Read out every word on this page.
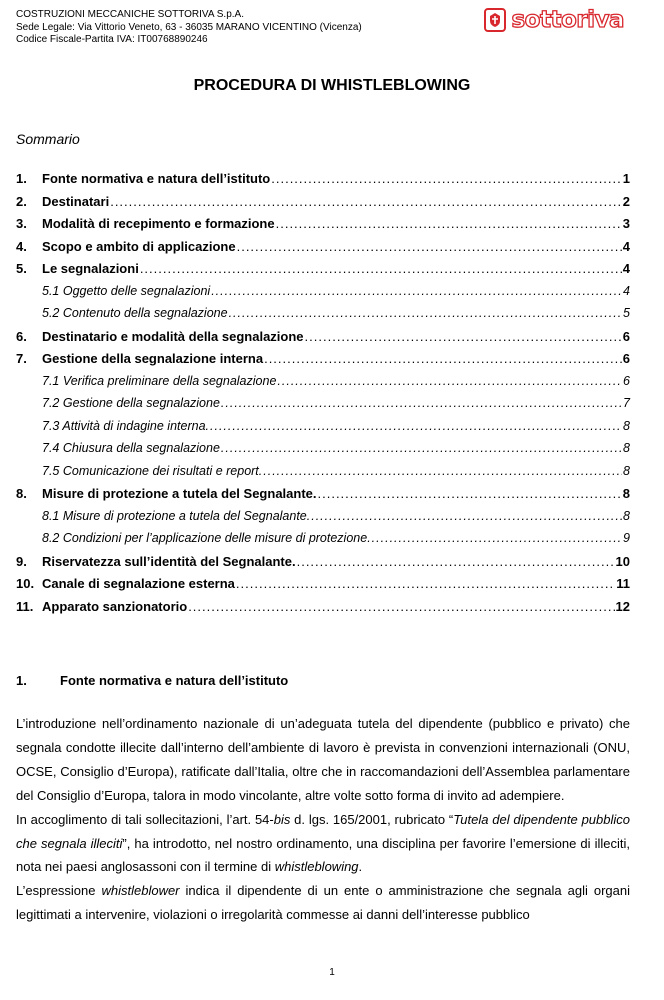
COSTRUZIONI MECCANICHE SOTTORIVA S.p.A.
Sede Legale: Via Vittorio Veneto, 63 - 36035 MARANO VICENTINO (Vicenza)
Codice Fiscale-Partita IVA: IT00768890246
sottoriva
PROCEDURA DI WHISTLEBLOWING
Sommario
1.	Fonte normativa e natura dell’istituto .....	1
2.	Destinatari .....	2
3.	Modalità di recepimento e formazione .....	3
4.	Scopo e ambito di applicazione .....	4
5.	Le segnalazioni .....	4
5.1 Oggetto delle segnalazioni .....	4
5.2 Contenuto della segnalazione .....	5
6.	Destinatario e modalità della segnalazione .....	6
7.	Gestione della segnalazione interna .....	6
7.1 Verifica preliminare della segnalazione .....	6
7.2 Gestione della segnalazione .....	7
7.3 Attività di indagine interna. .....	8
7.4 Chiusura della segnalazione .....	8
7.5 Comunicazione dei risultati e report. .....	8
8.	Misure di protezione a tutela del Segnalante. .....	8
8.1 Misure di protezione a tutela del Segnalante. .....	8
8.2 Condizioni per l’applicazione delle misure di protezione. .....	9
9.	Riservatezza sull’identità del Segnalante. .....	10
10. Canale di segnalazione esterna .....	11
11. Apparato sanzionatorio .....	12
1.	Fonte normativa e natura dell’istituto

L’introduzione nell’ordinamento nazionale di un’adeguata tutela del dipendente (pubblico e privato) che segnala condotte illecite dall’interno dell’ambiente di lavoro è prevista in convenzioni internazionali (ONU, OCSE, Consiglio d’Europa), ratificate dall’Italia, oltre che in raccomandazioni dell’Assemblea parlamentare del Consiglio d’Europa, talora in modo vincolante, altre volte sotto forma di invito ad adempiere.

In accoglimento di tali sollecitazioni, l’art. 54-bis d. lgs. 165/2001, rubricato “Tutela del dipendente pubblico che segnala illeciti”, ha introdotto, nel nostro ordinamento, una disciplina per favorire l’emersione di illeciti, nota nei paesi anglosassoni con il termine di whistleblowing.

L’espressione whistleblower indica il dipendente di un ente o amministrazione che segnala agli organi legittimati a intervenire, violazioni o irregolarità commesse ai danni dell’interesse pubblico

1
